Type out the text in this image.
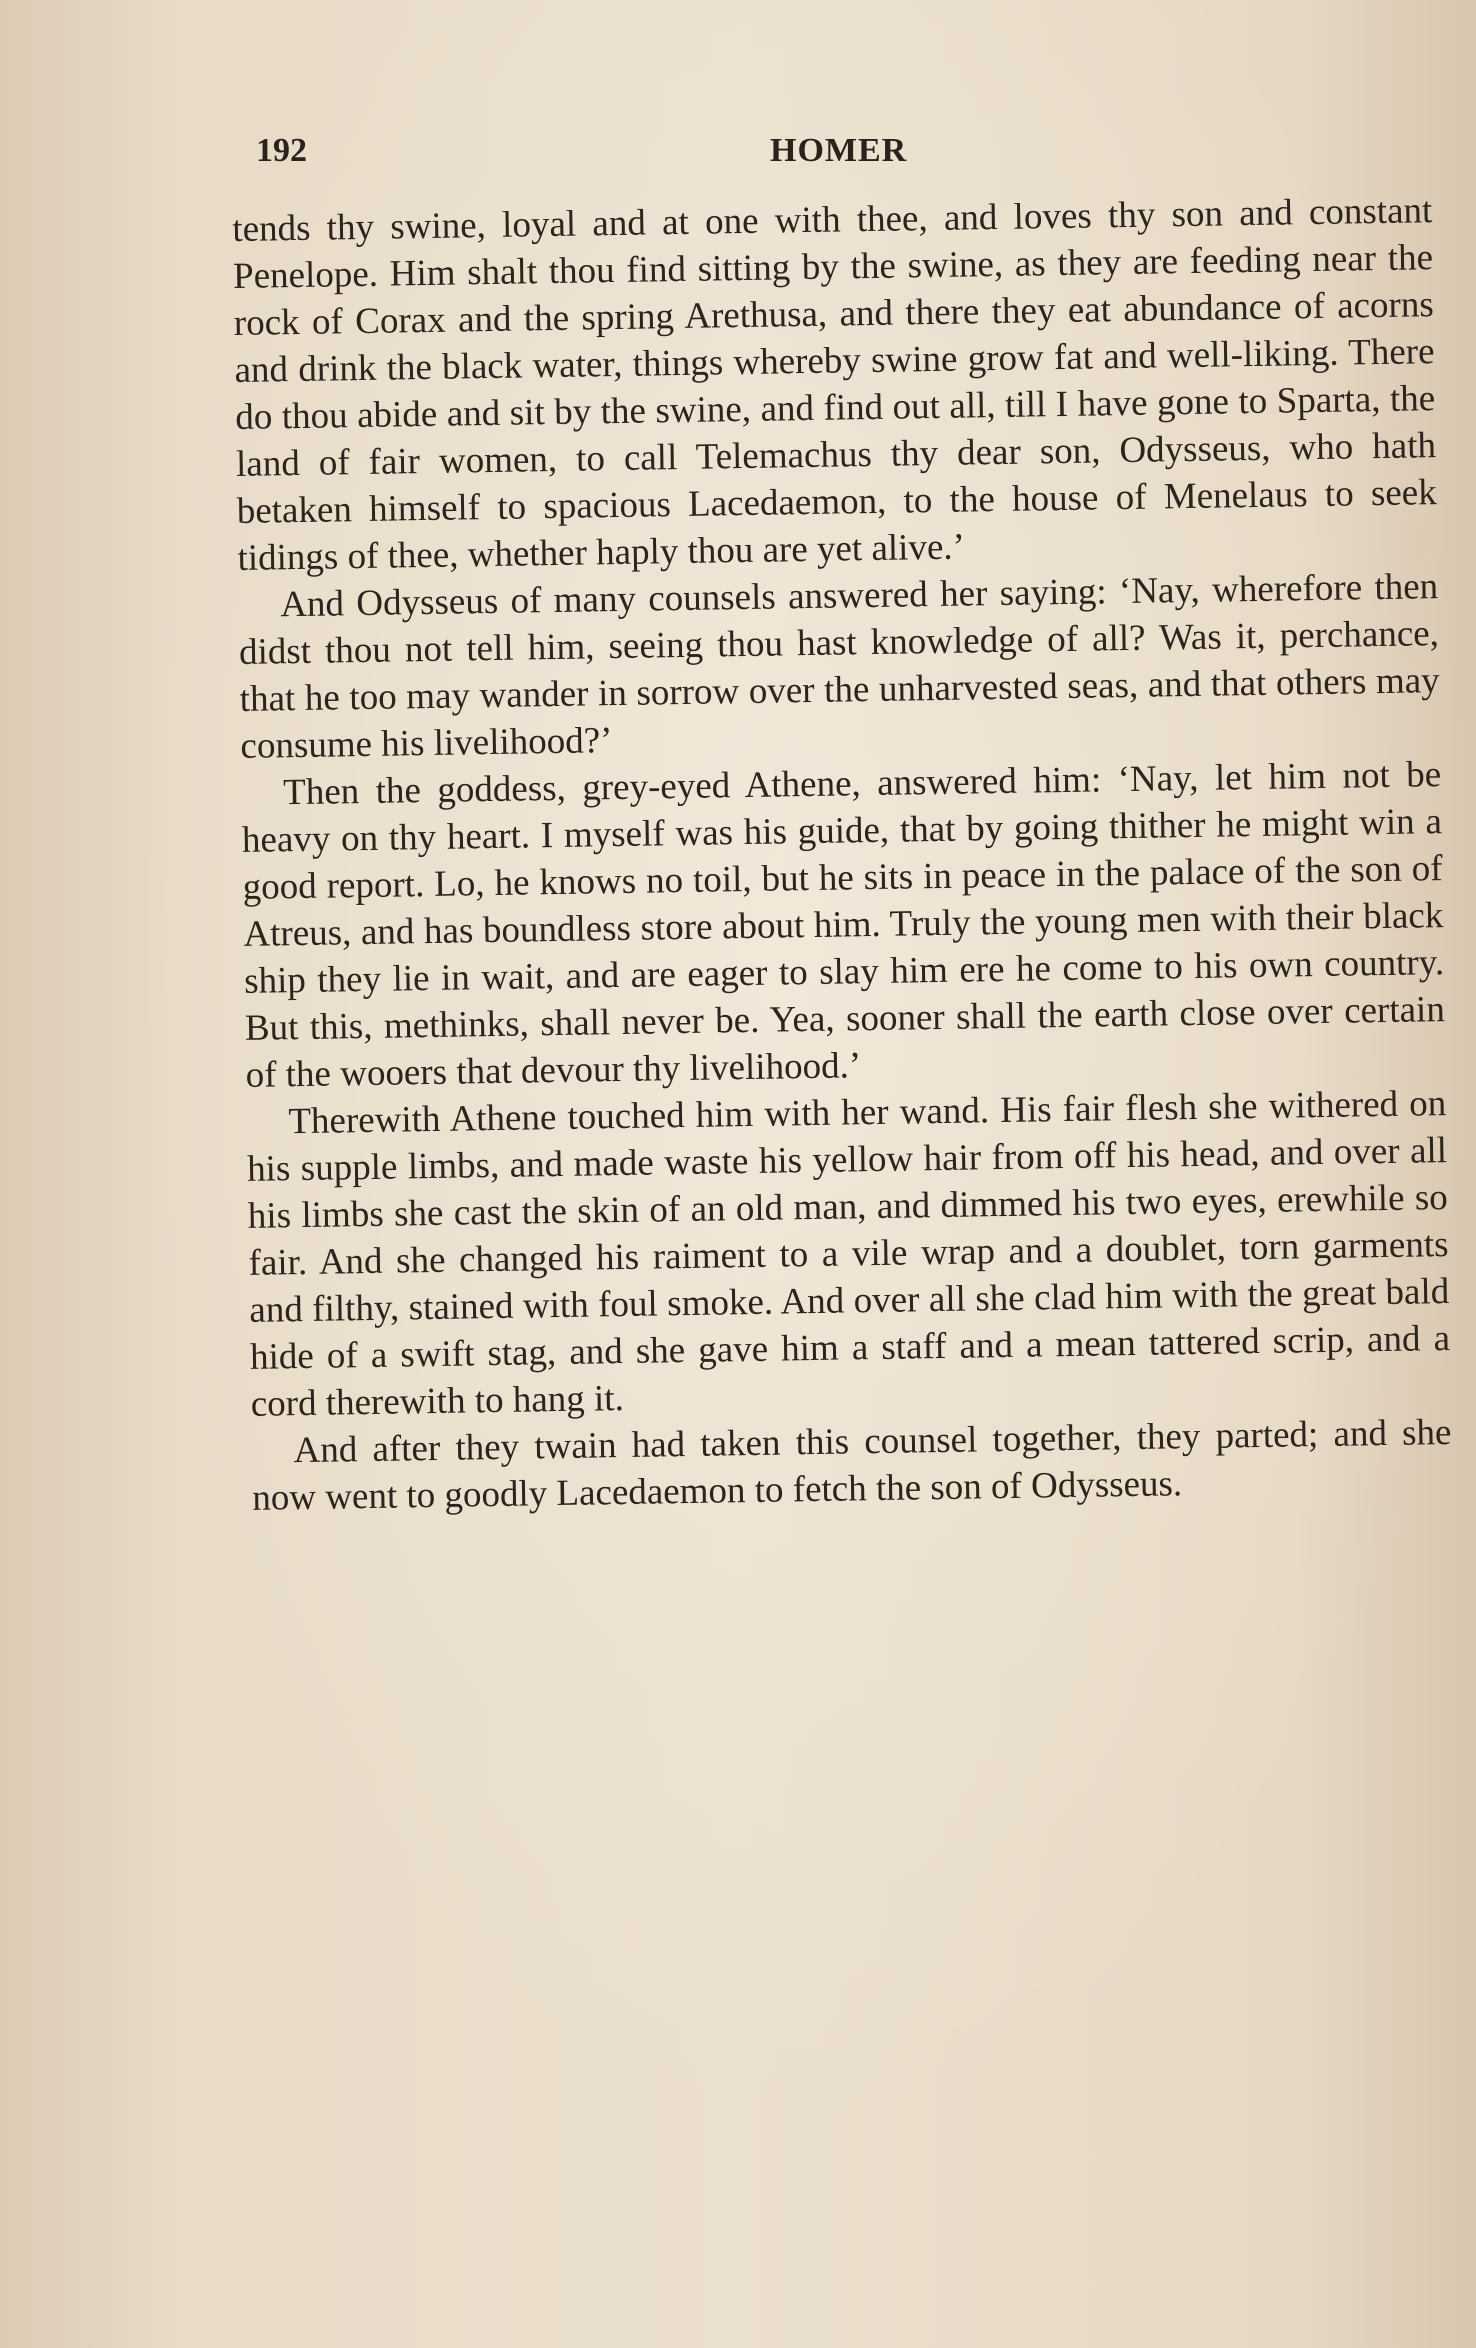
192	HOMER

tends thy swine, loyal and at one with thee, and loves thy son and constant Penelope. Him shalt thou find sitting by the swine, as they are feeding near the rock of Corax and the spring Arethusa, and there they eat abundance of acorns and drink the black water, things whereby swine grow fat and well-liking. There do thou abide and sit by the swine, and find out all, till I have gone to Sparta, the land of fair women, to call Telemachus thy dear son, Odysseus, who hath betaken himself to spacious Lacedaemon, to the house of Menelaus to seek tidings of thee, whether haply thou are yet alive.’

And Odysseus of many counsels answered her saying: ‘Nay, wherefore then didst thou not tell him, seeing thou hast knowledge of all? Was it, perchance, that he too may wander in sorrow over the unharvested seas, and that others may consume his livelihood?’

Then the goddess, grey-eyed Athene, answered him: ‘Nay, let him not be heavy on thy heart. I myself was his guide, that by going thither he might win a good report. Lo, he knows no toil, but he sits in peace in the palace of the son of Atreus, and has boundless store about him. Truly the young men with their black ship they lie in wait, and are eager to slay him ere he come to his own country. But this, methinks, shall never be. Yea, sooner shall the earth close over certain of the wooers that devour thy livelihood.’

Therewith Athene touched him with her wand. His fair flesh she withered on his supple limbs, and made waste his yellow hair from off his head, and over all his limbs she cast the skin of an old man, and dimmed his two eyes, erewhile so fair. And she changed his raiment to a vile wrap and a doublet, torn garments and filthy, stained with foul smoke. And over all she clad him with the great bald hide of a swift stag, and she gave him a staff and a mean tattered scrip, and a cord therewith to hang it.

And after they twain had taken this counsel together, they parted; and she now went to goodly Lacedaemon to fetch the son of Odysseus.
